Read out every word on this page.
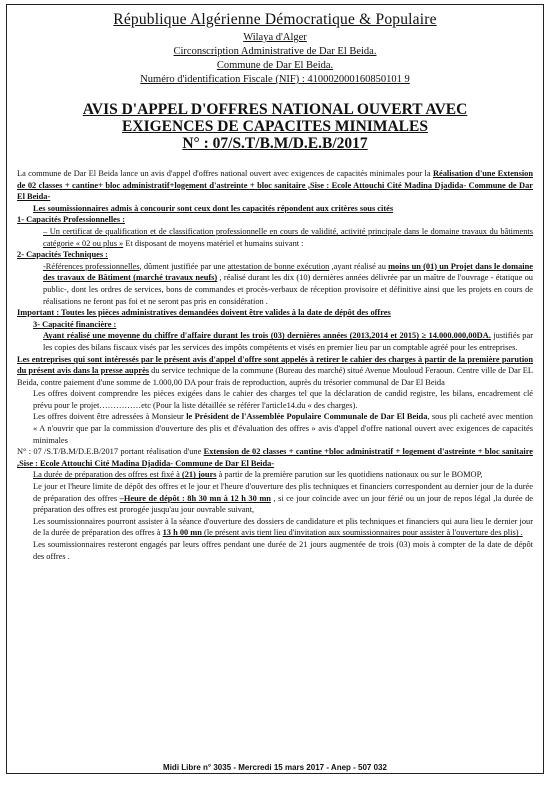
République Algérienne Démocratique & Populaire
Wilaya d'Alger
Circonscription Administrative de Dar El Beida.
Commune de Dar El Beida.
Numéro d'identification Fiscale (NIF) : 410002000160850101 9
AVIS D'APPEL D'OFFRES NATIONAL OUVERT AVEC
EXIGENCES DE CAPACITES MINIMALES
N° : 07/S.T/B.M/D.E.B/2017

La commune de Dar El Beida lance un avis d'appel d'offres national ouvert avec exigences de capacités minimales pour la Réalisation d'une Extension de 02 classes + cantine+ bloc administratif+logement d'astreinte + bloc sanitaire ,Sise : Ecole Attouchi Cité Madina Djadida- Commune de Dar El Beida-

Les soumissionnaires admis à concourir sont ceux dont les capacités répondent aux critères sous cités

1- Capacités Professionnelles :

– Un certificat de qualification et de classification professionnelle en cours de validité, activité principale dans le domaine travaux du bâtiments catégorie « 02 ou plus » Et disposant de moyens matériel et humains suivant :

2- Capacités Techniques :

-Références professionnelles, dûment justifiée par une attestation de bonne exécution ,ayant réalisé au moins un (01) un Projet dans le domaine des travaux de Bâtiment (marché travaux neufs) , réalisé durant les dix (10) dernières années délivrée par un maître de l'ouvrage - étatique ou public-, dont les ordres de services, bons de commandes et procès-verbaux de réception provisoire et définitive ainsi que les projets en cours de réalisations ne feront pas foi et ne seront pas pris en considération .

Important : Toutes les pièces administratives demandées doivent être valides à la date de dépôt des offres

3- Capacité financière :

Ayant réalisé une moyenne du chiffre d'affaire durant les trois (03) dernières années (2013,2014 et 2015) ≥ 14.000.000,00DA. justifiés par les copies des bilans fiscaux visés par les services des impôts compétents et visés en premier lieu par un comptable agréé pour les entreprises.

Les entreprises qui sont intéressés par le présent avis d'appel d'offre sont appelés à retirer le cahier des charges à partir de la première parution du présent avis dans la presse auprès du service technique de la commune (Bureau des marché) situé Avenue Mouloud Feraoun. Centre ville de Dar EL Beida, contre paiement d'une somme de 1.000,00 DA pour frais de reproduction, auprès du trésorier communal de Dar El Beida

Les offres doivent comprendre les pièces exigées dans le cahier des charges tel que la déclaration de candid registre, les bilans, encadrement clé prévu pour le projet……………etc (Pour la liste détaillée se référer l'article14.du « des charges).

Les offres doivent être adressées à Monsieur le Président de l'Assemblée Populaire Communale de Dar El Beida, sous pli cacheté avec mention « A n'ouvrir que par la commission d'ouverture des plis et d'évaluation des offres » avis d'appel d'offre national ouvert avec exigences de capacités minimales

N° : 07 /S.T/B.M/D.E.B/2017 portant réalisation d'une Extension de 02 classes + cantine +bloc administratif + logement d'astreinte + bloc sanitaire ,Sise : Ecole Attouchi Cité Madina Djadida- Commune de Dar El Beida-

La durée de préparation des offres est fixé à (21) jours à partir de la première parution sur les quotidiens nationaux ou sur le BOMOP,

Le jour et l'heure limite de dépôt des offres et le jour et l'heure d'ouverture des plis techniques et financiers correspondent au dernier jour de la durée de préparation des offres –Heure de dépôt : 8h 30 mn à 12 h 30 mn , si ce jour coïncide avec un jour férié ou un jour de repos légal ,la durée de préparation des offres est prorogée jusqu'au jour ouvrable suivant,

Les soumissionnaires pourront assister à la séance d'ouverture des dossiers de candidature et plis techniques et financiers qui aura lieu le dernier jour de la durée de préparation des offres à 13 h 00 mn (le présent avis tient lieu d'invitation aux soumissionnaires pour assister à l'ouverture des plis) .

Les soumissionnaires resteront engagés par leurs offres pendant une durée de 21 jours augmentée de trois (03) mois à compter de la date de dépôt des offres .

Midi Libre n° 3035 - Mercredi 15 mars 2017 - Anep - 507 032
